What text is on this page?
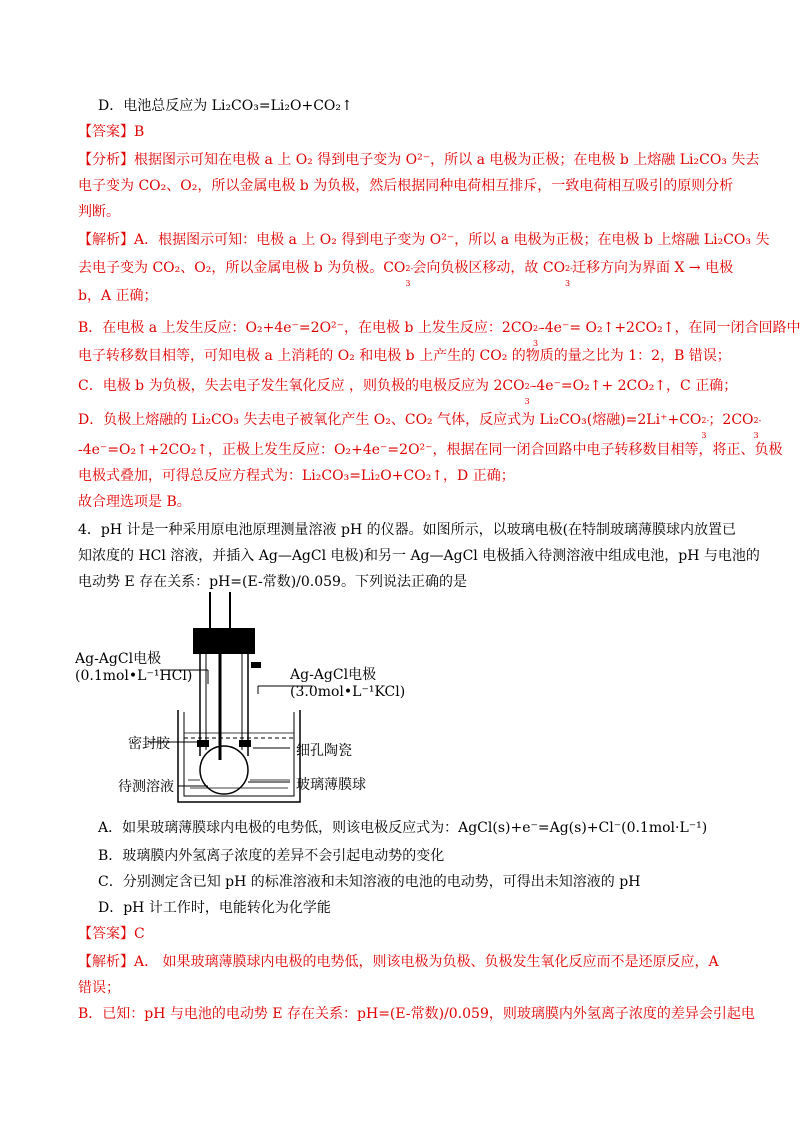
D．电池总反应为 Li₂CO₃=Li₂O+CO₂↑
【答案】B
【分析】根据图示可知在电极 a 上 O₂ 得到电子变为 O²⁻，所以 a 电极为正极；在电极 b 上熔融 Li₂CO₃ 失去
电子变为 CO₂、O₂，所以金属电极 b 为负极，然后根据同种电荷相互排斥，一致电荷相互吸引的原则分析
判断。
【解析】A．根据图示可知：电极 a 上 O₂ 得到电子变为 O²⁻，所以 a 电极为正极；在电极 b 上熔融 Li₂CO₃ 失
去电子变为 CO₂、O₂，所以金属电极 b 为负极。CO 2-
3
会向负极区移动，故 CO 2-
3
迁移方向为界面 X → 电极
b，A 正确；
B．在电极 a 上发生反应：O₂+4e⁻=2O²⁻，在电极 b 上发生反应：2CO 2-
3
-4e⁻= O₂↑+2CO₂↑，在同一闭合回路中
电子转移数目相等，可知电极 a 上消耗的 O₂ 和电极 b 上产生的 CO₂ 的物质的量之比为 1：2，B 错误；
C．电极 b 为负极，失去电子发生氧化反应 ，则负极的电极反应为 2CO 2-
3
-4e⁻=O₂↑+ 2CO₂↑，C 正确；
D．负极上熔融的 Li₂CO₃ 失去电子被氧化产生 O₂、CO₂ 气体，反应式为 Li₂CO₃(熔融)=2Li⁺+CO 2-
3
；2CO 2-
3
-4e⁻=O₂↑+2CO₂↑，正极上发生反应：O₂+4e⁻=2O²⁻，根据在同一闭合回路中电子转移数目相等，将正、负极
电极式叠加，可得总反应方程式为：Li₂CO₃=Li₂O+CO₂↑，D 正确；
故合理选项是 B。
4．pH 计是一种采用原电池原理测量溶液 pH 的仪器。如图所示，以玻璃电极(在特制玻璃薄膜球内放置已
知浓度的 HCl 溶液，并插入 Ag—AgCl 电极)和另一 Ag—AgCl 电极插入待测溶液中组成电池，pH 与电池的
电动势 E 存在关系：pH=(E-常数)/0.059。下列说法正确的是
Ag-AgCl电极
(0.1mol•L⁻¹HCl)	Ag-AgCl电极
(3.0mol•L⁻¹KCl)
密封胶	细孔陶瓷
待测溶液	玻璃薄膜球
A．如果玻璃薄膜球内电极的电势低，则该电极反应式为：AgCl(s)+e⁻=Ag(s)+Cl⁻(0.1mol·L⁻¹)
B．玻璃膜内外氢离子浓度的差异不会引起电动势的变化
C．分别测定含已知 pH 的标准溶液和未知溶液的电池的电动势，可得出未知溶液的 pH
D．pH 计工作时，电能转化为化学能
【答案】C
【解析】A． 如果玻璃薄膜球内电极的电势低，则该电极为负极、负极发生氧化反应而不是还原反应，A
错误；
B．已知：pH 与电池的电动势 E 存在关系：pH=(E-常数)/0.059，则玻璃膜内外氢离子浓度的差异会引起电
